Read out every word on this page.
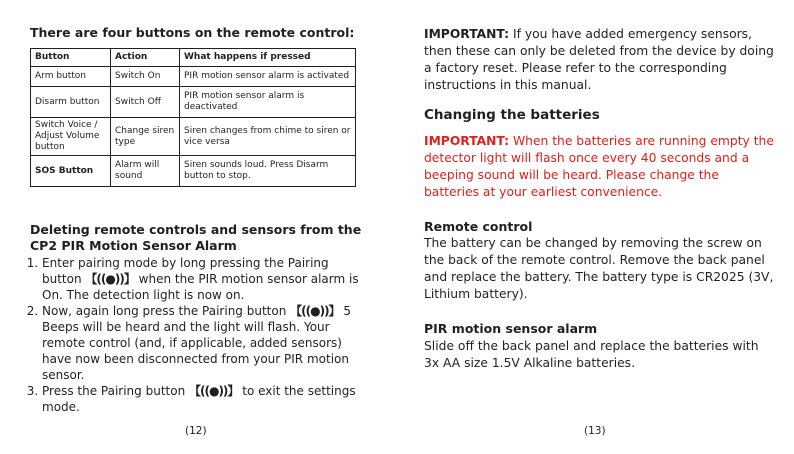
There are four buttons on the remote control:
Button	Action	What happens if pressed
Arm button	Switch On	PIR motion sensor alarm is activated
Disarm button	Switch Off	PIR motion sensor alarm is deactivated
Switch Voice / Adjust Volume button	Change siren type	Siren changes from chime to siren or vice versa
SOS Button	Alarm will sound	Siren sounds loud. Press Disarm button to stop.
Deleting remote controls and sensors from the CP2 PIR Motion Sensor Alarm
1. Enter pairing mode by long pressing the Pairing button 【((●))】 when the PIR motion sensor alarm is On. The detection light is now on.
2. Now, again long press the Pairing button 【((●))】 5 Beeps will be heard and the light will flash. Your remote control (and, if applicable, added sensors) have now been disconnected from your PIR motion sensor.
3. Press the Pairing button 【((●))】 to exit the settings mode.
(12)

IMPORTANT: If you have added emergency sensors, then these can only be deleted from the device by doing a factory reset. Please refer to the corresponding instructions in this manual.

Changing the batteries

IMPORTANT: When the batteries are running empty the detector light will flash once every 40 seconds and a beeping sound will be heard. Please change the batteries at your earliest convenience.

Remote control

The battery can be changed by removing the screw on the back of the remote control. Remove the back panel and replace the battery. The battery type is CR2025 (3V, Lithium battery).

PIR motion sensor alarm

Slide off the back panel and replace the batteries with 3x AA size 1.5V Alkaline batteries.

(13)
